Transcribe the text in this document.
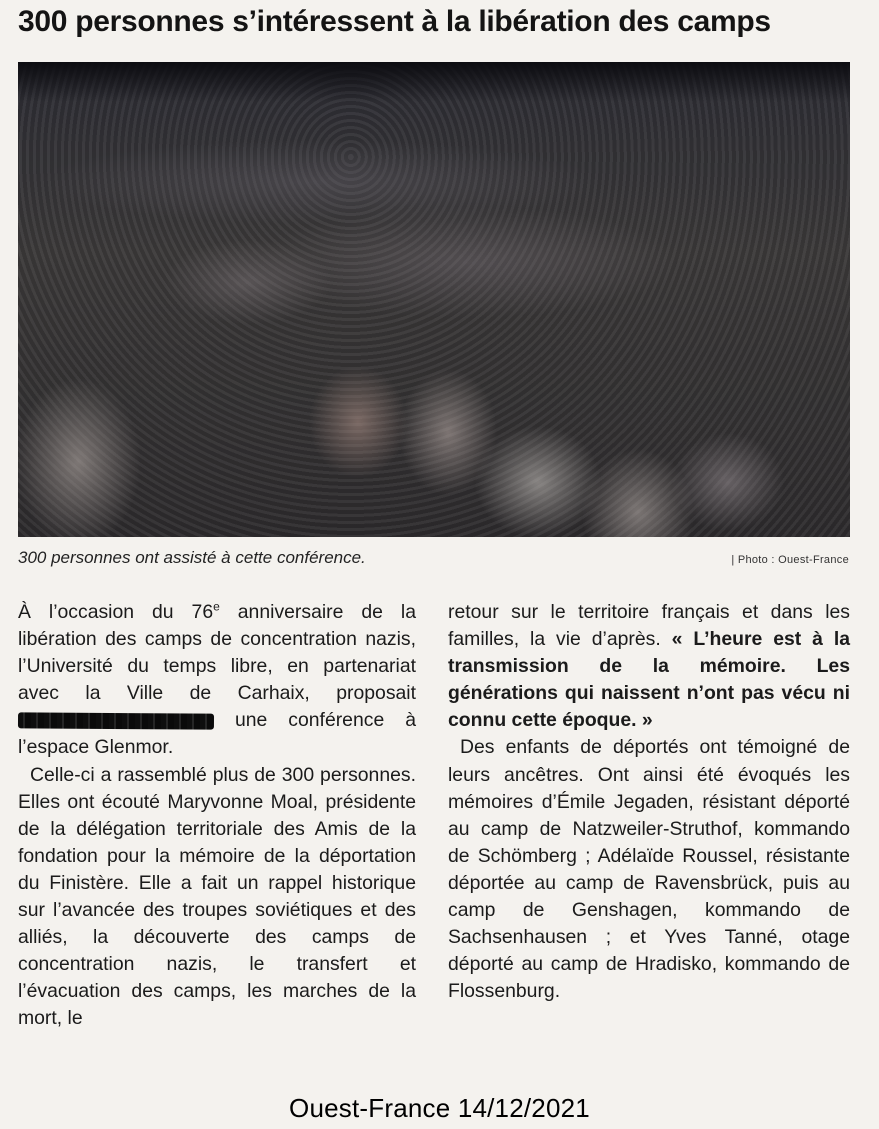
300 personnes s’intéressent à la libération des camps
300 personnes ont assisté à cette conférence.	| Photo : Ouest-France

À l’occasion du 76e anniversaire de la libération des camps de concentration nazis, l’Université du temps libre, en partenariat avec la Ville de Carhaix, proposait  une conférence à l’espace Glenmor.

Celle-ci a rassemblé plus de 300 personnes. Elles ont écouté Maryvonne Moal, présidente de la délégation territoriale des Amis de la fondation pour la mémoire de la déportation du Finistère. Elle a fait un rappel historique sur l’avancée des troupes soviétiques et des alliés, la découverte des camps de concentration nazis, le transfert et l’évacuation des camps, les marches de la mort, le

retour sur le territoire français et dans les familles, la vie d’après. « L’heure est à la transmission de la mémoire. Les générations qui naissent n’ont pas vécu ni connu cette époque. »

Des enfants de déportés ont témoigné de leurs ancêtres. Ont ainsi été évoqués les mémoires d’Émile Jegaden, résistant déporté au camp de Natzweiler-Struthof, kommando de Schömberg ; Adélaïde Roussel, résistante déportée au camp de Ravensbrück, puis au camp de Genshagen, kommando de Sachsenhausen ; et Yves Tanné, otage déporté au camp de Hradisko, kommando de Flossenburg.

Ouest-France 14/12/2021
